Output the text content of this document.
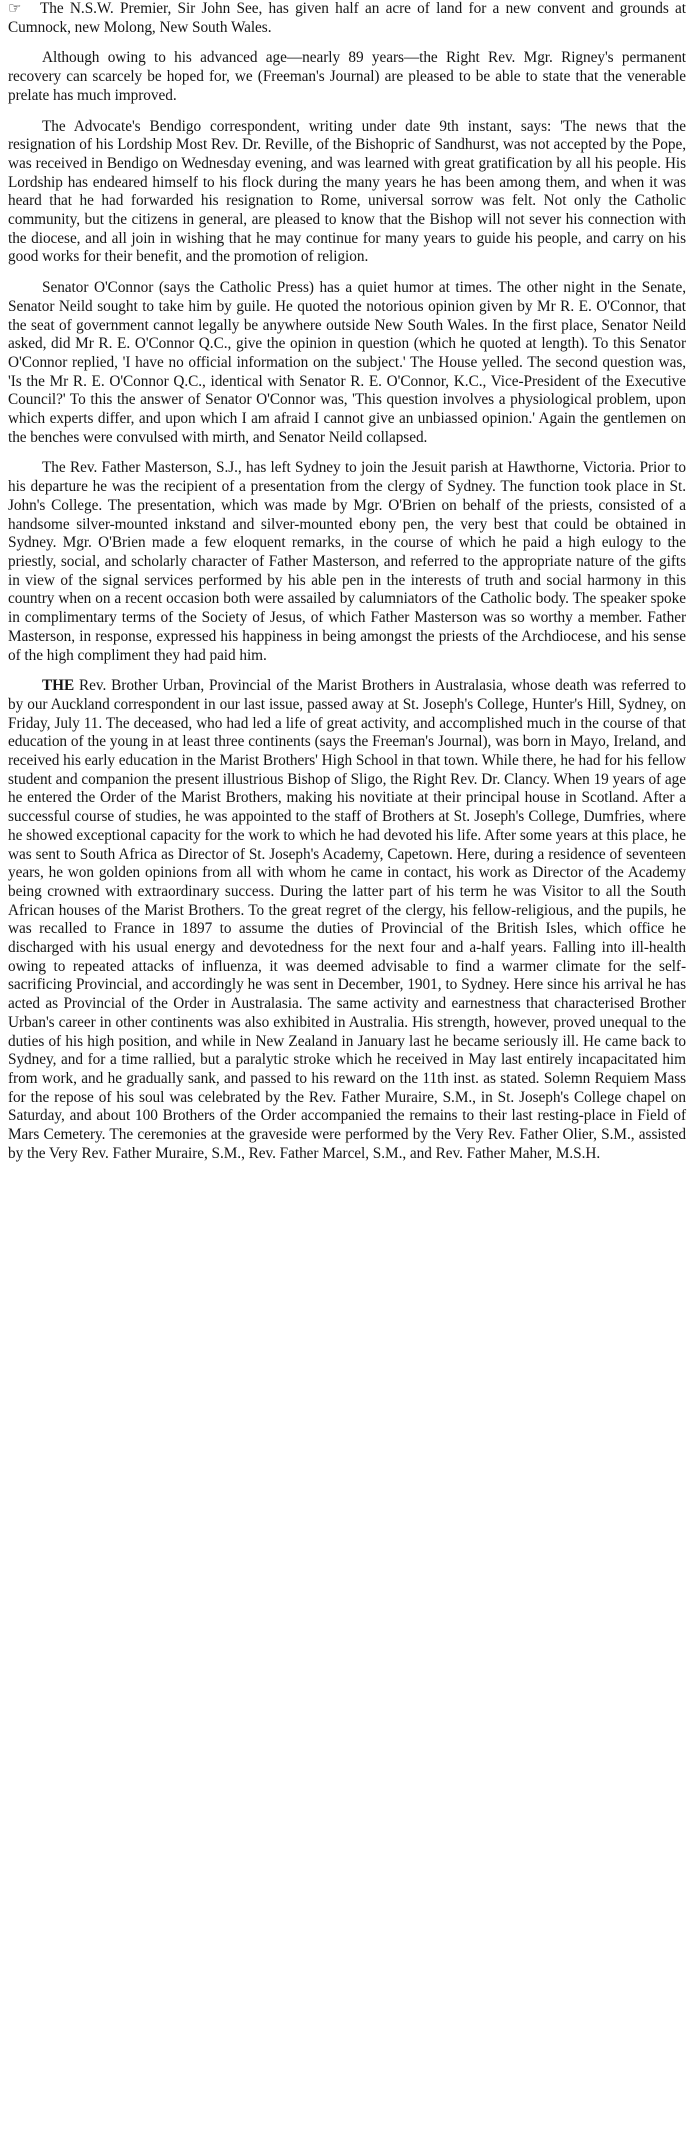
☞ The N.S.W. Premier, Sir John See, has given half an acre of land for a new convent and grounds at Cumnock, new Molong, New South Wales.

Although owing to his advanced age—nearly 89 years—the Right Rev. Mgr. Rigney's permanent recovery can scarcely be hoped for, we (Freeman's Journal) are pleased to be able to state that the venerable prelate has much improved.

The Advocate's Bendigo correspondent, writing under date 9th instant, says: 'The news that the resignation of his Lordship Most Rev. Dr. Reville, of the Bishopric of Sandhurst, was not accepted by the Pope, was received in Bendigo on Wednesday evening, and was learned with great gratification by all his people. His Lordship has endeared himself to his flock during the many years he has been among them, and when it was heard that he had forwarded his resignation to Rome, universal sorrow was felt. Not only the Catholic community, but the citizens in general, are pleased to know that the Bishop will not sever his connection with the diocese, and all join in wishing that he may continue for many years to guide his people, and carry on his good works for their benefit, and the promotion of religion.

Senator O'Connor (says the Catholic Press) has a quiet humor at times. The other night in the Senate, Senator Neild sought to take him by guile. He quoted the notorious opinion given by Mr R. E. O'Connor, that the seat of government cannot legally be anywhere outside New South Wales. In the first place, Senator Neild asked, did Mr R. E. O'Connor Q.C., give the opinion in question (which he quoted at length). To this Senator O'Connor replied, 'I have no official information on the subject.' The House yelled. The second question was, 'Is the Mr R. E. O'Connor Q.C., identical with Senator R. E. O'Connor, K.C., Vice-President of the Executive Council?' To this the answer of Senator O'Connor was, 'This question involves a physiological problem, upon which experts differ, and upon which I am afraid I cannot give an unbiassed opinion.' Again the gentlemen on the benches were convulsed with mirth, and Senator Neild collapsed.

The Rev. Father Masterson, S.J., has left Sydney to join the Jesuit parish at Hawthorne, Victoria. Prior to his departure he was the recipient of a presentation from the clergy of Sydney. The function took place in St. John's College. The presentation, which was made by Mgr. O'Brien on behalf of the priests, consisted of a handsome silver-mounted inkstand and silver-mounted ebony pen, the very best that could be obtained in Sydney. Mgr. O'Brien made a few eloquent remarks, in the course of which he paid a high eulogy to the priestly, social, and scholarly character of Father Masterson, and referred to the appropriate nature of the gifts in view of the signal services performed by his able pen in the interests of truth and social harmony in this country when on a recent occasion both were assailed by calumniators of the Catholic body. The speaker spoke in complimentary terms of the Society of Jesus, of which Father Masterson was so worthy a member. Father Masterson, in response, expressed his happiness in being amongst the priests of the Archdiocese, and his sense of the high compliment they had paid him.

THE Rev. Brother Urban, Provincial of the Marist Brothers in Australasia, whose death was referred to by our Auckland correspondent in our last issue, passed away at St. Joseph's College, Hunter's Hill, Sydney, on Friday, July 11. The deceased, who had led a life of great activity, and accomplished much in the course of that education of the young in at least three continents (says the Freeman's Journal), was born in Mayo, Ireland, and received his early education in the Marist Brothers' High School in that town. While there, he had for his fellow student and companion the present illustrious Bishop of Sligo, the Right Rev. Dr. Clancy. When 19 years of age he entered the Order of the Marist Brothers, making his novitiate at their principal house in Scotland. After a successful course of studies, he was appointed to the staff of Brothers at St. Joseph's College, Dumfries, where he showed exceptional capacity for the work to which he had devoted his life. After some years at this place, he was sent to South Africa as Director of St. Joseph's Academy, Capetown. Here, during a residence of seventeen years, he won golden opinions from all with whom he came in contact, his work as Director of the Academy being crowned with extraordinary success. During the latter part of his term he was Visitor to all the South African houses of the Marist Brothers. To the great regret of the clergy, his fellow-religious, and the pupils, he was recalled to France in 1897 to assume the duties of Provincial of the British Isles, which office he discharged with his usual energy and devotedness for the next four and a-half years. Falling into ill-health owing to repeated attacks of influenza, it was deemed advisable to find a warmer climate for the self-sacrificing Provincial, and accordingly he was sent in December, 1901, to Sydney. Here since his arrival he has acted as Provincial of the Order in Australasia. The same activity and earnestness that characterised Brother Urban's career in other continents was also exhibited in Australia. His strength, however, proved unequal to the duties of his high position, and while in New Zealand in January last he became seriously ill. He came back to Sydney, and for a time rallied, but a paralytic stroke which he received in May last entirely incapacitated him from work, and he gradually sank, and passed to his reward on the 11th inst. as stated. Solemn Requiem Mass for the repose of his soul was celebrated by the Rev. Father Muraire, S.M., in St. Joseph's College chapel on Saturday, and about 100 Brothers of the Order accompanied the remains to their last resting-place in Field of Mars Cemetery. The ceremonies at the graveside were performed by the Very Rev. Father Olier, S.M., assisted by the Very Rev. Father Muraire, S.M., Rev. Father Marcel, S.M., and Rev. Father Maher, M.S.H.
